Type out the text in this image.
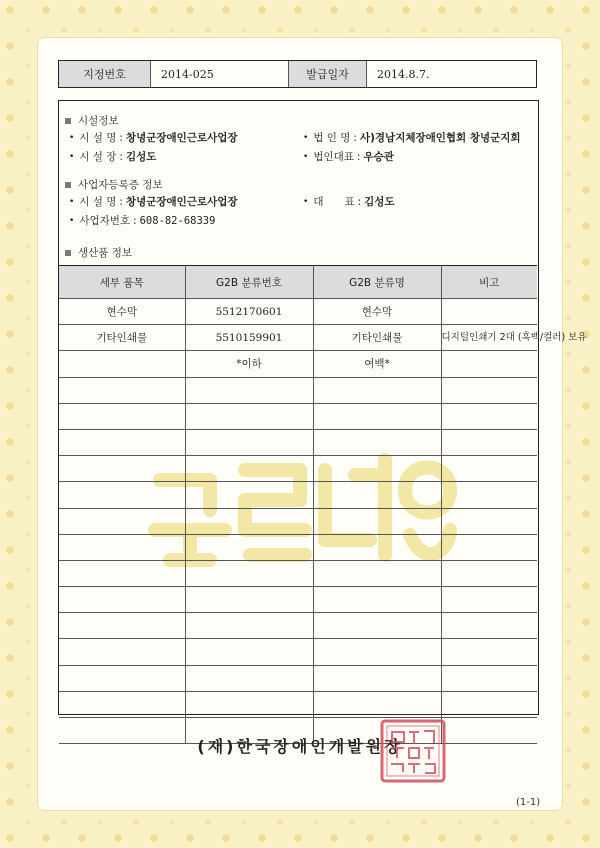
지정번호	2014-025	발급일자	2014.8.7.
시설정보
• 시 설 명 : 창녕군장애인근로사업장	• 법 인 명 : 사)경남지체장애인협회 창녕군지회
• 시 설 장 : 김성도	• 법인대표 : 우승관
사업자등록증 정보
• 시 설 명 : 창녕군장애인근로사업장	• 대　　표 : 김성도
• 사업자번호 : 608-82-68339
생산품 정보
세부 품목	G2B 분류번호	G2B 분류명	비고
현수막	5512170601	현수막	
기타인쇄물	5510159901	기타인쇄물	디지털인쇄기 2대 (흑백/컬러) 보유
	*이하	여백*	

(재)한국장애인개발원장
(1-1)
